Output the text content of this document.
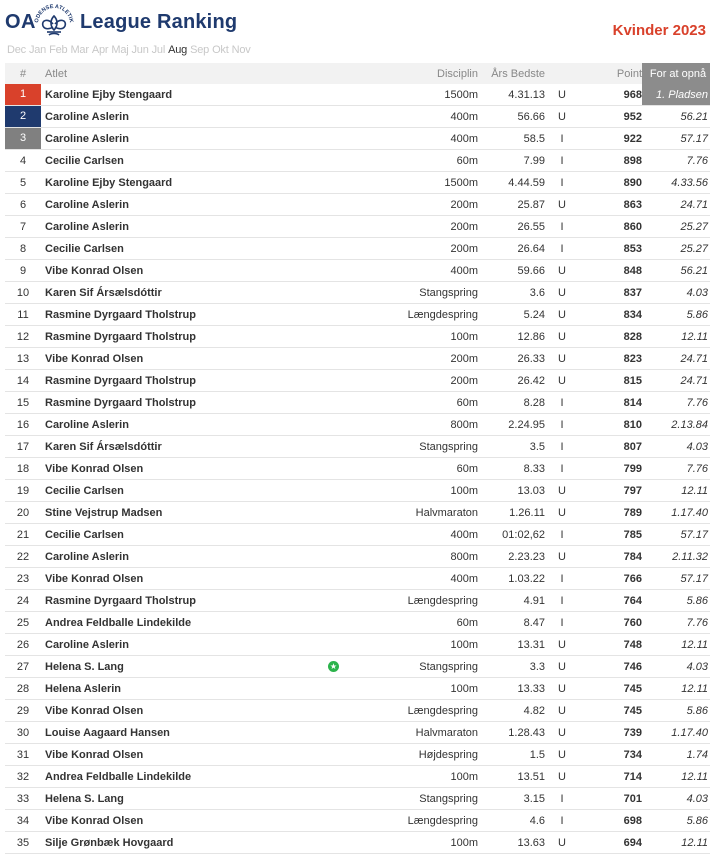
OA
ODENSE ATLETIK League Ranking	Kvinder 2023
Dec Jan Feb Mar Apr Maj Jun Jul Aug Sep Okt Nov
#	Atlet	Disciplin	Års Bedste		Point	For at opnå

1	Karoline Ejby Stengaard	1500m	4.31.13	U	968	1. Pladsen

2	Caroline Aslerin	400m	56.66	U	952	56.21

3	Caroline Aslerin	400m	58.5	I	922	57.17
4	Cecilie Carlsen	60m	7.99	I	898	7.76
5	Karoline Ejby Stengaard	1500m	4.44.59	I	890	4.33.56
6	Caroline Aslerin	200m	25.87	U	863	24.71
7	Caroline Aslerin	200m	26.55	I	860	25.27
8	Cecilie Carlsen	200m	26.64	I	853	25.27
9	Vibe Konrad Olsen	400m	59.66	U	848	56.21
10	Karen Sif Ársælsdóttir	Stangspring	3.6	U	837	4.03
11	Rasmine Dyrgaard Tholstrup	Længdespring	5.24	U	834	5.86
12	Rasmine Dyrgaard Tholstrup	100m	12.86	U	828	12.11
13	Vibe Konrad Olsen	200m	26.33	U	823	24.71
14	Rasmine Dyrgaard Tholstrup	200m	26.42	U	815	24.71
15	Rasmine Dyrgaard Tholstrup	60m	8.28	I	814	7.76
16	Caroline Aslerin	800m	2.24.95	I	810	2.13.84
17	Karen Sif Ársælsdóttir	Stangspring	3.5	I	807	4.03
18	Vibe Konrad Olsen	60m	8.33	I	799	7.76
19	Cecilie Carlsen	100m	13.03	U	797	12.11
20	Stine Vejstrup Madsen	Halvmaraton	1.26.11	U	789	1.17.40
21	Cecilie Carlsen	400m	01:02,62	I	785	57.17
22	Caroline Aslerin	800m	2.23.23	U	784	2.11.32
23	Vibe Konrad Olsen	400m	1.03.22	I	766	57.17
24	Rasmine Dyrgaard Tholstrup	Længdespring	4.91	I	764	5.86
25	Andrea Feldballe Lindekilde	60m	8.47	I	760	7.76
26	Caroline Aslerin	100m	13.31	U	748	12.11
27	Helena S. Lang ★	Stangspring	3.3	U	746	4.03
28	Helena Aslerin	100m	13.33	U	745	12.11
29	Vibe Konrad Olsen	Længdespring	4.82	U	745	5.86
30	Louise Aagaard Hansen	Halvmaraton	1.28.43	U	739	1.17.40
31	Vibe Konrad Olsen	Højdespring	1.5	U	734	1.74
32	Andrea Feldballe Lindekilde	100m	13.51	U	714	12.11
33	Helena S. Lang	Stangspring	3.15	I	701	4.03
34	Vibe Konrad Olsen	Længdespring	4.6	I	698	5.86
35	Silje Grønbæk Hovgaard	100m	13.63	U	694	12.11
